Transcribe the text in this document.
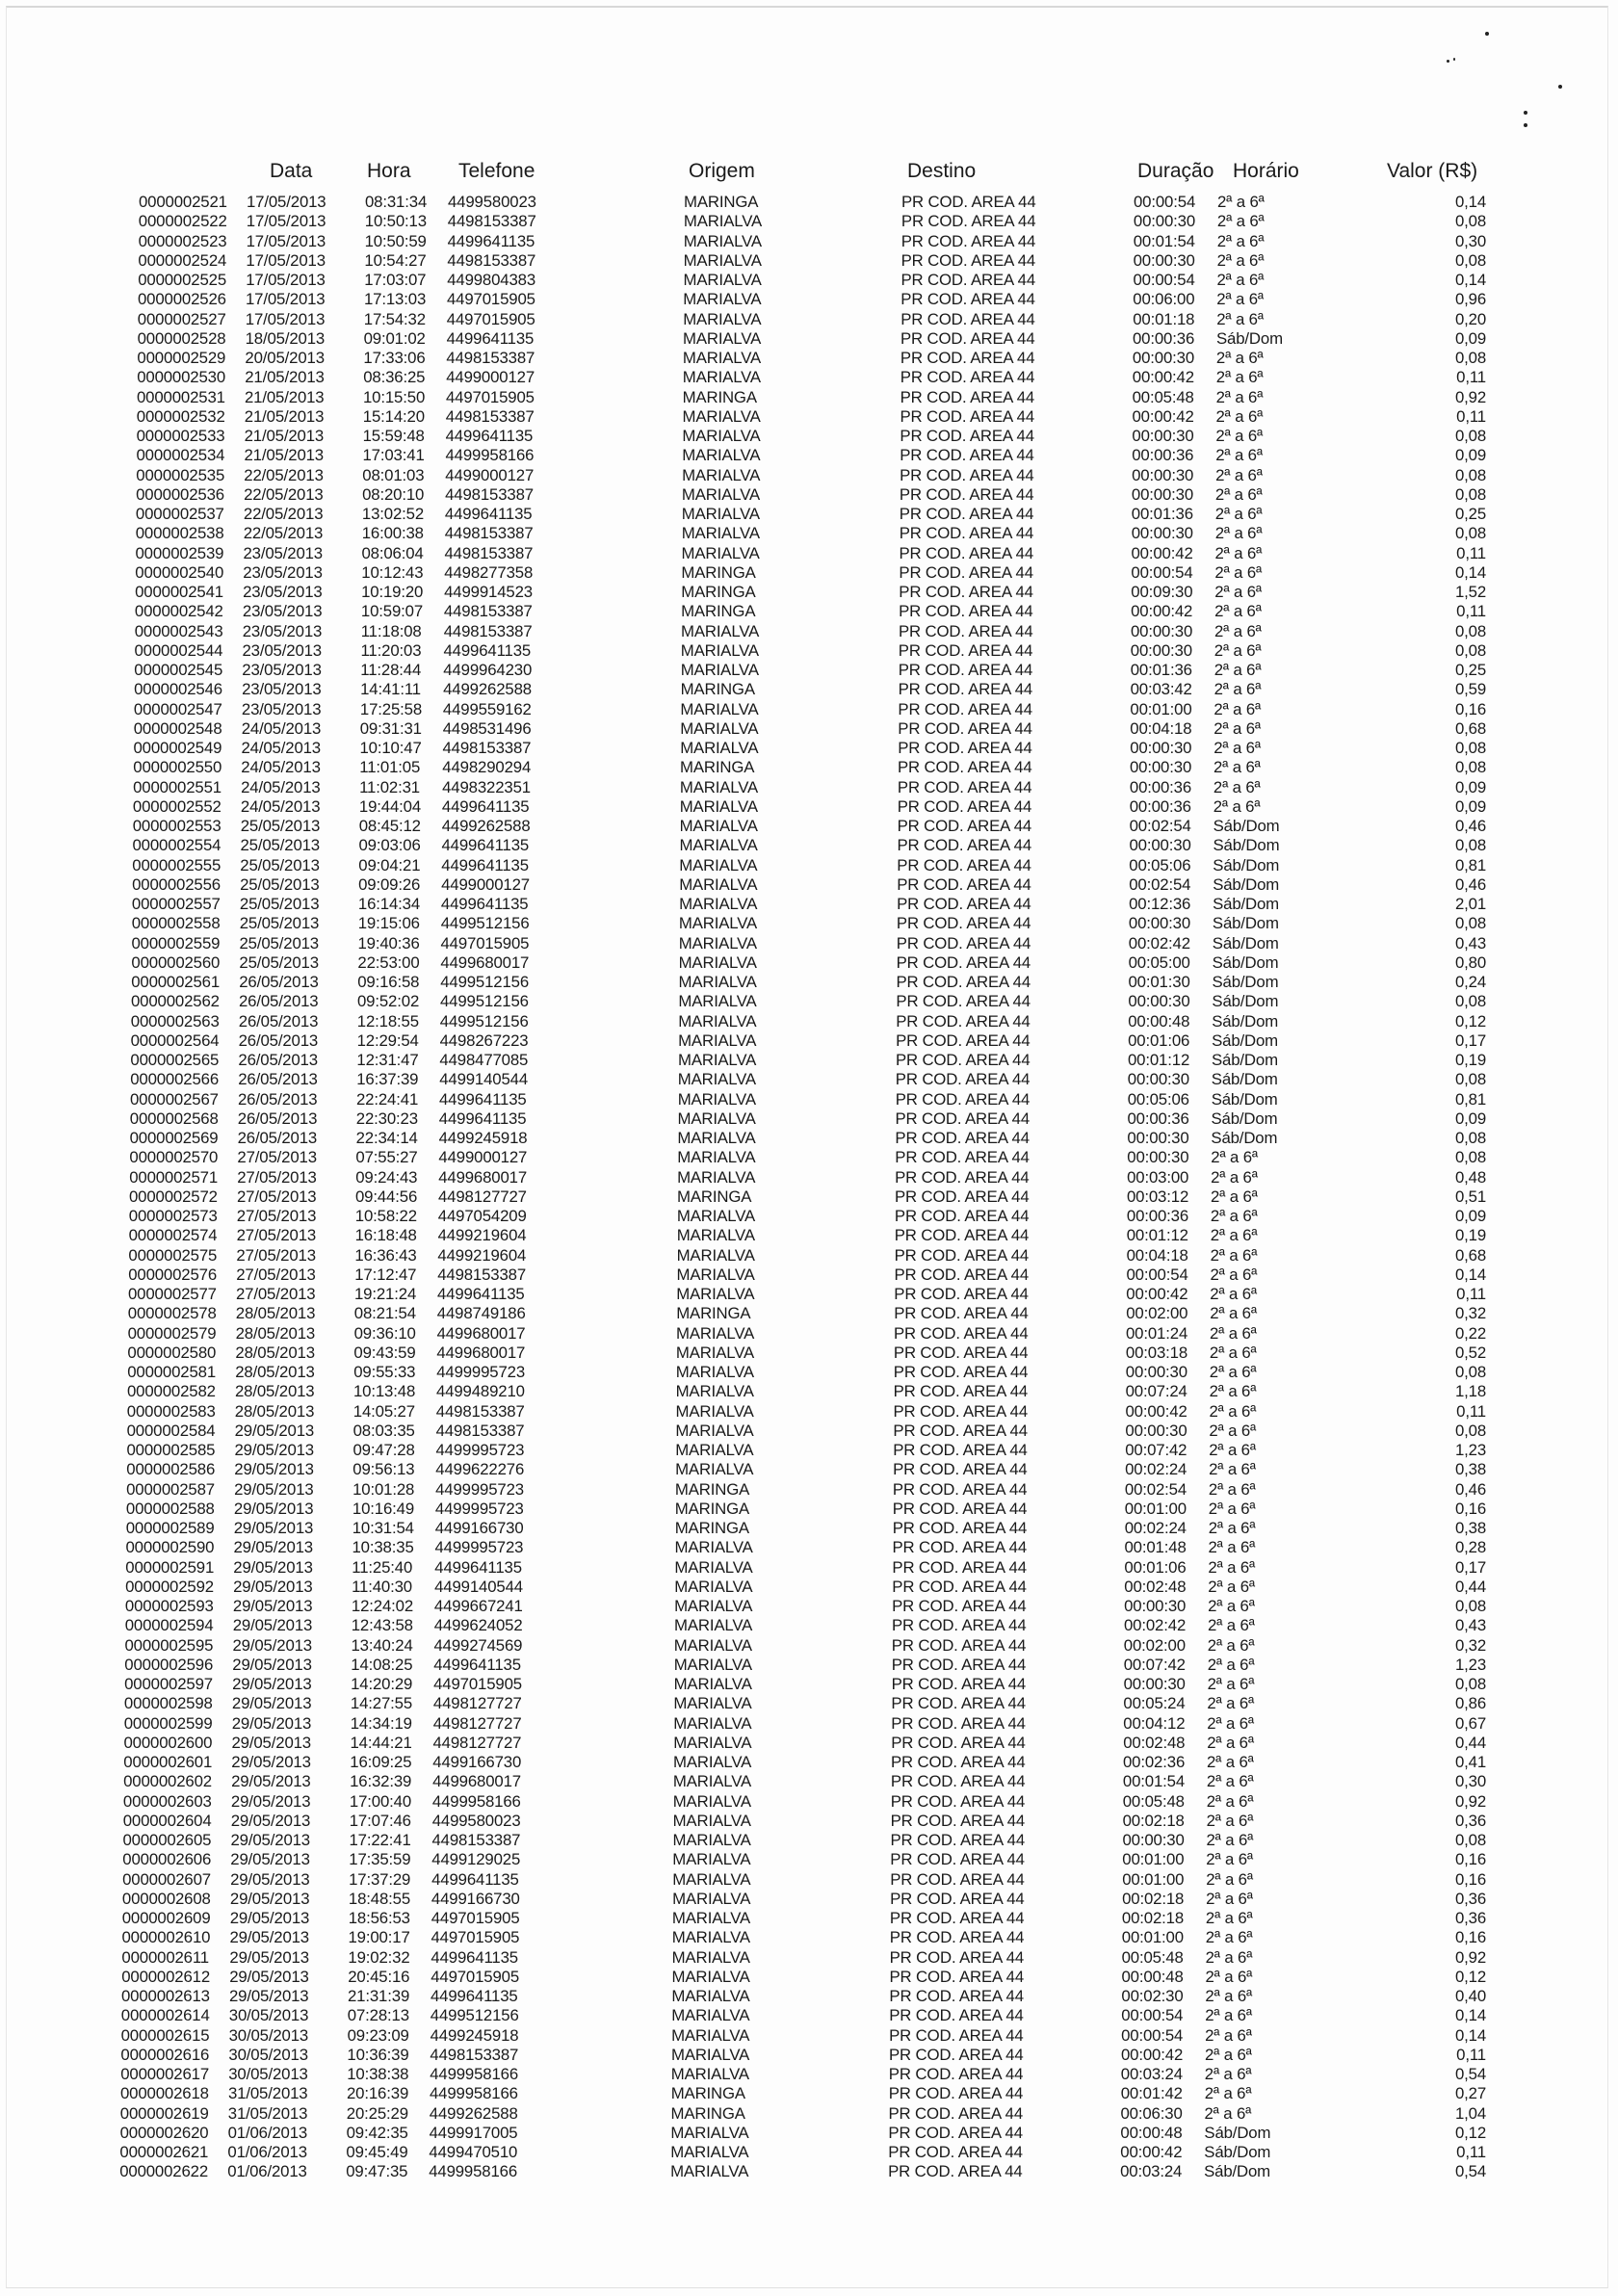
Data	Hora Telefone	Origem	Destino	Duração Horário	Valor (R$)
0000002521 17/05/2013 08:31:34 4499580023	MARINGA	PR COD. AREA 44	00:00:54 2ª a 6ª	0,14
0000002522 17/05/2013 10:50:13 4498153387	MARIALVA	PR COD. AREA 44	00:00:30 2ª a 6ª	0,08
0000002523 17/05/2013 10:50:59 4499641135	MARIALVA	PR COD. AREA 44	00:01:54 2ª a 6ª	0,30
0000002524 17/05/2013 10:54:27 4498153387	MARIALVA	PR COD. AREA 44	00:00:30 2ª a 6ª	0,08
0000002525 17/05/2013 17:03:07 4499804383	MARIALVA	PR COD. AREA 44	00:00:54 2ª a 6ª	0,14
0000002526 17/05/2013 17:13:03 4497015905	MARIALVA	PR COD. AREA 44	00:06:00 2ª a 6ª	0,96
0000002527 17/05/2013 17:54:32 4497015905	MARIALVA	PR COD. AREA 44	00:01:18 2ª a 6ª	0,20
0000002528 18/05/2013 09:01:02 4499641135	MARIALVA	PR COD. AREA 44	00:00:36 Sáb/Dom	0,09
0000002529 20/05/2013 17:33:06 4498153387	MARIALVA	PR COD. AREA 44	00:00:30 2ª a 6ª	0,08
0000002530 21/05/2013 08:36:25 4499000127	MARIALVA	PR COD. AREA 44	00:00:42 2ª a 6ª	0,11
0000002531 21/05/2013 10:15:50 4497015905	MARINGA	PR COD. AREA 44	00:05:48 2ª a 6ª	0,92
0000002532 21/05/2013 15:14:20 4498153387	MARIALVA	PR COD. AREA 44	00:00:42 2ª a 6ª	0,11
0000002533 21/05/2013 15:59:48 4499641135	MARIALVA	PR COD. AREA 44	00:00:30 2ª a 6ª	0,08
0000002534 21/05/2013 17:03:41 4499958166	MARIALVA	PR COD. AREA 44	00:00:36 2ª a 6ª	0,09
0000002535 22/05/2013 08:01:03 4499000127	MARIALVA	PR COD. AREA 44	00:00:30 2ª a 6ª	0,08
0000002536 22/05/2013 08:20:10 4498153387	MARIALVA	PR COD. AREA 44	00:00:30 2ª a 6ª	0,08
0000002537 22/05/2013 13:02:52 4499641135	MARIALVA	PR COD. AREA 44	00:01:36 2ª a 6ª	0,25
0000002538 22/05/2013 16:00:38 4498153387	MARIALVA	PR COD. AREA 44	00:00:30 2ª a 6ª	0,08
0000002539 23/05/2013 08:06:04 4498153387	MARIALVA	PR COD. AREA 44	00:00:42 2ª a 6ª	0,11
0000002540 23/05/2013 10:12:43 4498277358	MARINGA	PR COD. AREA 44	00:00:54 2ª a 6ª	0,14
0000002541 23/05/2013 10:19:20 4499914523	MARINGA	PR COD. AREA 44	00:09:30 2ª a 6ª	1,52
0000002542 23/05/2013 10:59:07 4498153387	MARINGA	PR COD. AREA 44	00:00:42 2ª a 6ª	0,11
0000002543 23/05/2013 11:18:08 4498153387	MARIALVA	PR COD. AREA 44	00:00:30 2ª a 6ª	0,08
0000002544 23/05/2013 11:20:03 4499641135	MARIALVA	PR COD. AREA 44	00:00:30 2ª a 6ª	0,08
0000002545 23/05/2013 11:28:44 4499964230	MARIALVA	PR COD. AREA 44	00:01:36 2ª a 6ª	0,25
0000002546 23/05/2013 14:41:11 4499262588	MARINGA	PR COD. AREA 44	00:03:42 2ª a 6ª	0,59
0000002547 23/05/2013 17:25:58 4499559162	MARIALVA	PR COD. AREA 44	00:01:00 2ª a 6ª	0,16
0000002548 24/05/2013 09:31:31 4498531496	MARIALVA	PR COD. AREA 44	00:04:18 2ª a 6ª	0,68
0000002549 24/05/2013 10:10:47 4498153387	MARIALVA	PR COD. AREA 44	00:00:30 2ª a 6ª	0,08
0000002550 24/05/2013 11:01:05 4498290294	MARINGA	PR COD. AREA 44	00:00:30 2ª a 6ª	0,08
0000002551 24/05/2013 11:02:31 4498322351	MARIALVA	PR COD. AREA 44	00:00:36 2ª a 6ª	0,09
0000002552 24/05/2013 19:44:04 4499641135	MARIALVA	PR COD. AREA 44	00:00:36 2ª a 6ª	0,09
0000002553 25/05/2013 08:45:12 4499262588	MARIALVA	PR COD. AREA 44	00:02:54 Sáb/Dom	0,46
0000002554 25/05/2013 09:03:06 4499641135	MARIALVA	PR COD. AREA 44	00:00:30 Sáb/Dom	0,08
0000002555 25/05/2013 09:04:21 4499641135	MARIALVA	PR COD. AREA 44	00:05:06 Sáb/Dom	0,81
0000002556 25/05/2013 09:09:26 4499000127	MARIALVA	PR COD. AREA 44	00:02:54 Sáb/Dom	0,46
0000002557 25/05/2013 16:14:34 4499641135	MARIALVA	PR COD. AREA 44	00:12:36 Sáb/Dom	2,01
0000002558 25/05/2013 19:15:06 4499512156	MARIALVA	PR COD. AREA 44	00:00:30 Sáb/Dom	0,08
0000002559 25/05/2013 19:40:36 4497015905	MARIALVA	PR COD. AREA 44	00:02:42 Sáb/Dom	0,43
0000002560 25/05/2013 22:53:00 4499680017	MARIALVA	PR COD. AREA 44	00:05:00 Sáb/Dom	0,80
0000002561 26/05/2013 09:16:58 4499512156	MARIALVA	PR COD. AREA 44	00:01:30 Sáb/Dom	0,24
0000002562 26/05/2013 09:52:02 4499512156	MARIALVA	PR COD. AREA 44	00:00:30 Sáb/Dom	0,08
0000002563 26/05/2013 12:18:55 4499512156	MARIALVA	PR COD. AREA 44	00:00:48 Sáb/Dom	0,12
0000002564 26/05/2013 12:29:54 4498267223	MARIALVA	PR COD. AREA 44	00:01:06 Sáb/Dom	0,17
0000002565 26/05/2013 12:31:47 4498477085	MARIALVA	PR COD. AREA 44	00:01:12 Sáb/Dom	0,19
0000002566 26/05/2013 16:37:39 4499140544	MARIALVA	PR COD. AREA 44	00:00:30 Sáb/Dom	0,08
0000002567 26/05/2013 22:24:41 4499641135	MARIALVA	PR COD. AREA 44	00:05:06 Sáb/Dom	0,81
0000002568 26/05/2013 22:30:23 4499641135	MARIALVA	PR COD. AREA 44	00:00:36 Sáb/Dom	0,09
0000002569 26/05/2013 22:34:14 4499245918	MARIALVA	PR COD. AREA 44	00:00:30 Sáb/Dom	0,08
0000002570 27/05/2013 07:55:27 4499000127	MARIALVA	PR COD. AREA 44	00:00:30 2ª a 6ª	0,08
0000002571 27/05/2013 09:24:43 4499680017	MARIALVA	PR COD. AREA 44	00:03:00 2ª a 6ª	0,48
0000002572 27/05/2013 09:44:56 4498127727	MARINGA	PR COD. AREA 44	00:03:12 2ª a 6ª	0,51
0000002573 27/05/2013 10:58:22 4497054209	MARIALVA	PR COD. AREA 44	00:00:36 2ª a 6ª	0,09
0000002574 27/05/2013 16:18:48 4499219604	MARIALVA	PR COD. AREA 44	00:01:12 2ª a 6ª	0,19
0000002575 27/05/2013 16:36:43 4499219604	MARIALVA	PR COD. AREA 44	00:04:18 2ª a 6ª	0,68
0000002576 27/05/2013 17:12:47 4498153387	MARIALVA	PR COD. AREA 44	00:00:54 2ª a 6ª	0,14
0000002577 27/05/2013 19:21:24 4499641135	MARIALVA	PR COD. AREA 44	00:00:42 2ª a 6ª	0,11
0000002578 28/05/2013 08:21:54 4498749186	MARINGA	PR COD. AREA 44	00:02:00 2ª a 6ª	0,32
0000002579 28/05/2013 09:36:10 4499680017	MARIALVA	PR COD. AREA 44	00:01:24 2ª a 6ª	0,22
0000002580 28/05/2013 09:43:59 4499680017	MARIALVA	PR COD. AREA 44	00:03:18 2ª a 6ª	0,52
0000002581 28/05/2013 09:55:33 4499995723	MARIALVA	PR COD. AREA 44	00:00:30 2ª a 6ª	0,08
0000002582 28/05/2013 10:13:48 4499489210	MARIALVA	PR COD. AREA 44	00:07:24 2ª a 6ª	1,18
0000002583 28/05/2013 14:05:27 4498153387	MARIALVA	PR COD. AREA 44	00:00:42 2ª a 6ª	0,11
0000002584 29/05/2013 08:03:35 4498153387	MARIALVA	PR COD. AREA 44	00:00:30 2ª a 6ª	0,08
0000002585 29/05/2013 09:47:28 4499995723	MARIALVA	PR COD. AREA 44	00:07:42 2ª a 6ª	1,23
0000002586 29/05/2013 09:56:13 4499622276	MARIALVA	PR COD. AREA 44	00:02:24 2ª a 6ª	0,38
0000002587 29/05/2013 10:01:28 4499995723	MARINGA	PR COD. AREA 44	00:02:54 2ª a 6ª	0,46
0000002588 29/05/2013 10:16:49 4499995723	MARINGA	PR COD. AREA 44	00:01:00 2ª a 6ª	0,16
0000002589 29/05/2013 10:31:54 4499166730	MARINGA	PR COD. AREA 44	00:02:24 2ª a 6ª	0,38
0000002590 29/05/2013 10:38:35 4499995723	MARIALVA	PR COD. AREA 44	00:01:48 2ª a 6ª	0,28
0000002591 29/05/2013 11:25:40 4499641135	MARIALVA	PR COD. AREA 44	00:01:06 2ª a 6ª	0,17
0000002592 29/05/2013 11:40:30 4499140544	MARIALVA	PR COD. AREA 44	00:02:48 2ª a 6ª	0,44
0000002593 29/05/2013 12:24:02 4499667241	MARIALVA	PR COD. AREA 44	00:00:30 2ª a 6ª	0,08
0000002594 29/05/2013 12:43:58 4499624052	MARIALVA	PR COD. AREA 44	00:02:42 2ª a 6ª	0,43
0000002595 29/05/2013 13:40:24 4499274569	MARIALVA	PR COD. AREA 44	00:02:00 2ª a 6ª	0,32
0000002596 29/05/2013 14:08:25 4499641135	MARIALVA	PR COD. AREA 44	00:07:42 2ª a 6ª	1,23
0000002597 29/05/2013 14:20:29 4497015905	MARIALVA	PR COD. AREA 44	00:00:30 2ª a 6ª	0,08
0000002598 29/05/2013 14:27:55 4498127727	MARIALVA	PR COD. AREA 44	00:05:24 2ª a 6ª	0,86
0000002599 29/05/2013 14:34:19 4498127727	MARIALVA	PR COD. AREA 44	00:04:12 2ª a 6ª	0,67
0000002600 29/05/2013 14:44:21 4498127727	MARIALVA	PR COD. AREA 44	00:02:48 2ª a 6ª	0,44
0000002601 29/05/2013 16:09:25 4499166730	MARIALVA	PR COD. AREA 44	00:02:36 2ª a 6ª	0,41
0000002602 29/05/2013 16:32:39 4499680017	MARIALVA	PR COD. AREA 44	00:01:54 2ª a 6ª	0,30
0000002603 29/05/2013 17:00:40 4499958166	MARIALVA	PR COD. AREA 44	00:05:48 2ª a 6ª	0,92
0000002604 29/05/2013 17:07:46 4499580023	MARIALVA	PR COD. AREA 44	00:02:18 2ª a 6ª	0,36
0000002605 29/05/2013 17:22:41 4498153387	MARIALVA	PR COD. AREA 44	00:00:30 2ª a 6ª	0,08
0000002606 29/05/2013 17:35:59 4499129025	MARIALVA	PR COD. AREA 44	00:01:00 2ª a 6ª	0,16
0000002607 29/05/2013 17:37:29 4499641135	MARIALVA	PR COD. AREA 44	00:01:00 2ª a 6ª	0,16
0000002608 29/05/2013 18:48:55 4499166730	MARIALVA	PR COD. AREA 44	00:02:18 2ª a 6ª	0,36
0000002609 29/05/2013 18:56:53 4497015905	MARIALVA	PR COD. AREA 44	00:02:18 2ª a 6ª	0,36
0000002610 29/05/2013 19:00:17 4497015905	MARIALVA	PR COD. AREA 44	00:01:00 2ª a 6ª	0,16
0000002611 29/05/2013 19:02:32 4499641135	MARIALVA	PR COD. AREA 44	00:05:48 2ª a 6ª	0,92
0000002612 29/05/2013 20:45:16 4497015905	MARIALVA	PR COD. AREA 44	00:00:48 2ª a 6ª	0,12
0000002613 29/05/2013 21:31:39 4499641135	MARIALVA	PR COD. AREA 44	00:02:30 2ª a 6ª	0,40
0000002614 30/05/2013 07:28:13 4499512156	MARIALVA	PR COD. AREA 44	00:00:54 2ª a 6ª	0,14
0000002615 30/05/2013 09:23:09 4499245918	MARIALVA	PR COD. AREA 44	00:00:54 2ª a 6ª	0,14
0000002616 30/05/2013 10:36:39 4498153387	MARIALVA	PR COD. AREA 44	00:00:42 2ª a 6ª	0,11
0000002617 30/05/2013 10:38:38 4499958166	MARIALVA	PR COD. AREA 44	00:03:24 2ª a 6ª	0,54
0000002618 31/05/2013 20:16:39 4499958166	MARINGA	PR COD. AREA 44	00:01:42 2ª a 6ª	0,27
0000002619 31/05/2013 20:25:29 4499262588	MARINGA	PR COD. AREA 44	00:06:30 2ª a 6ª	1,04
0000002620 01/06/2013 09:42:35 4499917005	MARIALVA	PR COD. AREA 44	00:00:48 Sáb/Dom	0,12
0000002621 01/06/2013 09:45:49 4499470510	MARIALVA	PR COD. AREA 44	00:00:42 Sáb/Dom	0,11
0000002622 01/06/2013 09:47:35 4499958166	MARIALVA	PR COD. AREA 44	00:03:24 Sáb/Dom	0,54
